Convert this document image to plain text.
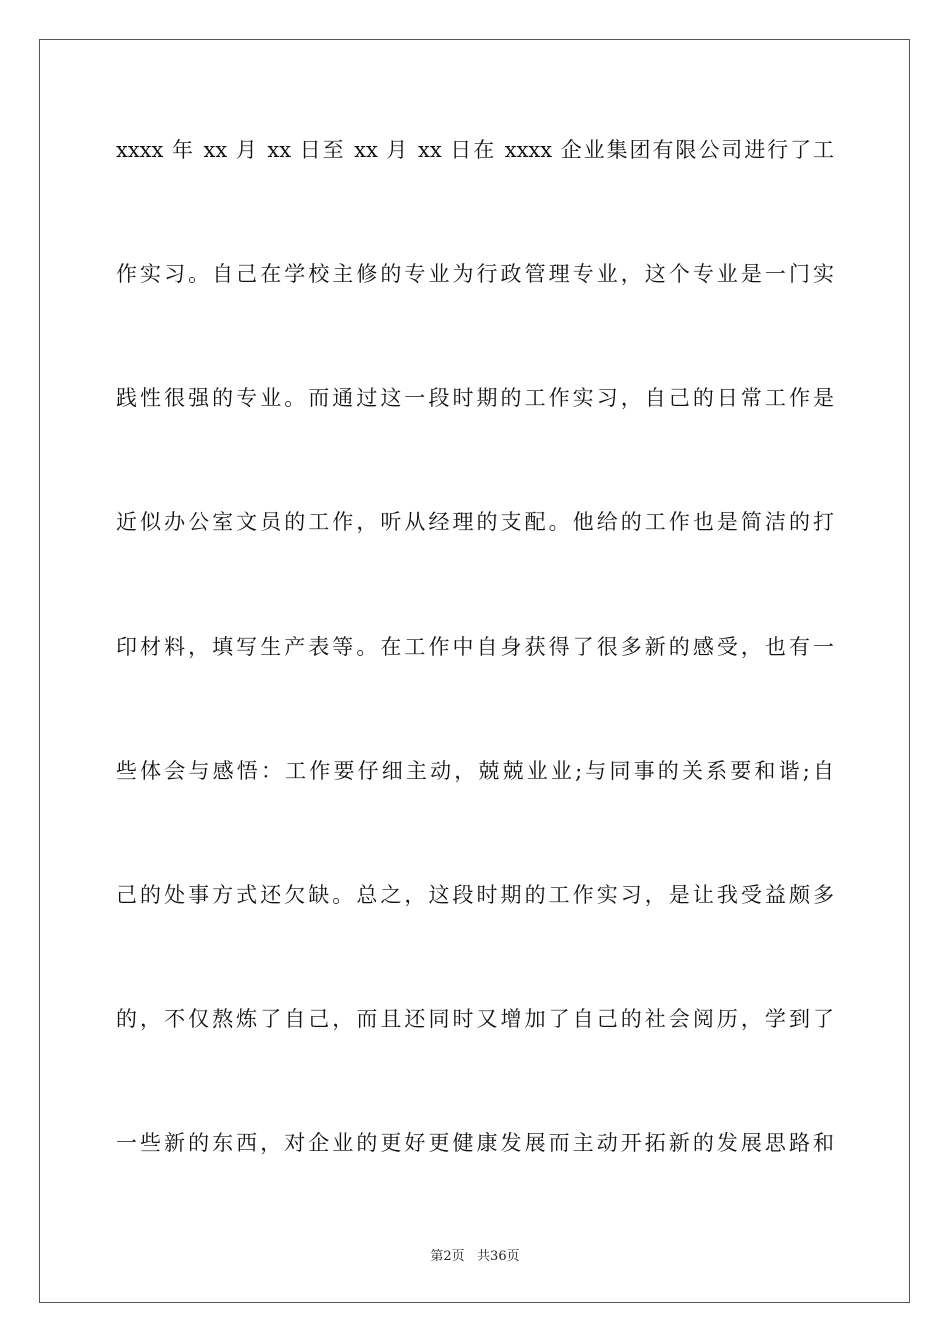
xxxx 年 xx 月 xx 日至 xx 月 xx 日在 xxxx 企业集团有限公司进行了工
作实习。自己在学校主修的专业为行政管理专业，这个专业是一门实
践性很强的专业。而通过这一段时期的工作实习，自己的日常工作是
近似办公室文员的工作，听从经理的支配。他给的工作也是简洁的打
印材料，填写生产表等。在工作中自身获得了很多新的感受，也有一
些体会与感悟：工作要仔细主动，兢兢业业;与同事的关系要和谐;自
己的处事方式还欠缺。总之，这段时期的工作实习，是让我受益颇多
的，不仅熬炼了自己，而且还同时又增加了自己的社会阅历，学到了
一些新的东西，对企业的更好更健康发展而主动开拓新的发展思路和
第2页   共36页
